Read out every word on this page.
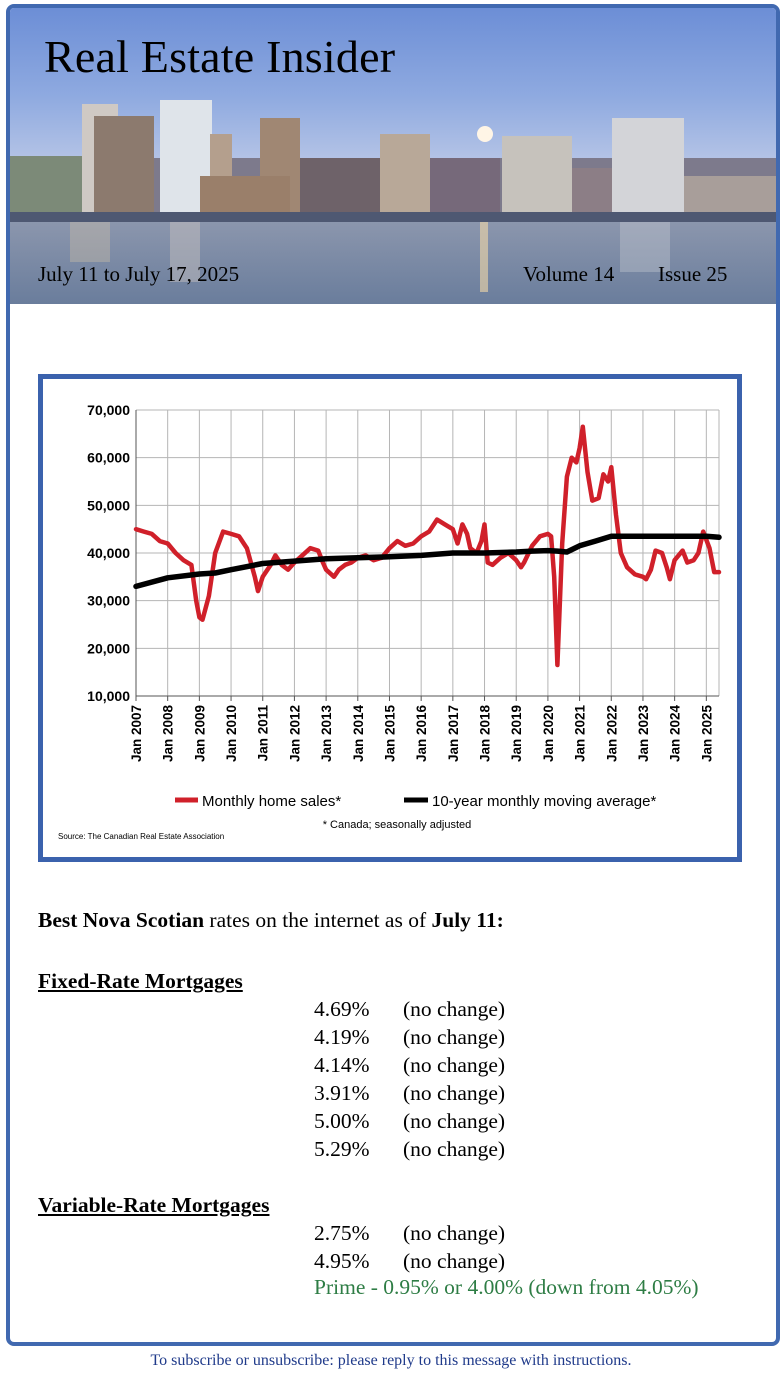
Real Estate Insider
July 11 to July 17, 2025	Volume 14 Issue 25
70,000
60,000
50,000
40,000
30,000
20,000
10,000
Jan 2007 Jan 2008 Jan 2009 Jan 2010 Jan 2011 Jan 2012 Jan 2013 Jan 2014 Jan 2015 Jan 2016 Jan 2017 Jan 2018 Jan 2019 Jan 2020 Jan 2021 Jan 2022 Jan 2023 Jan 2024 Jan 2025
Monthly home sales*	10-year monthly moving average*
* Canada; seasonally adjusted
Source: The Canadian Real Estate Association
Best Nova Scotian rates on the internet as of July 11:
Fixed-Rate Mortgages
4.69% (no change)
4.19% (no change)
4.14% (no change)
3.91% (no change)
5.00% (no change)
5.29% (no change)
Variable-Rate Mortgages
2.75% (no change)
4.95% (no change)
Prime - 0.95% or 4.00% (down from 4.05%)
To subscribe or unsubscribe: please reply to this message with instructions.
